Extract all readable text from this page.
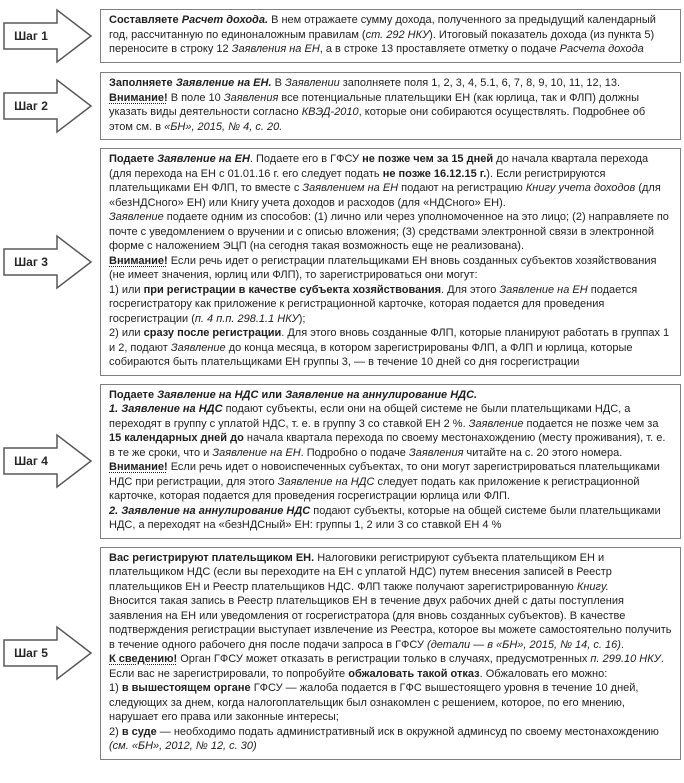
Шаг 1

Составляете Расчет дохода. В нем отражаете сумму дохода, полученного за предыдущий календарный год, рассчитанную по единоналожным правилам (ст. 292 НКУ). Итоговый показатель дохода (из пункта 5) переносите в строку 12 Заявления на ЕН, а в строке 13 проставляете отметку о подаче Расчета дохода

Шаг 2

Заполняете Заявление на ЕН. В Заявлении заполняете поля 1, 2, 3, 4, 5.1, 6, 7, 8, 9, 10, 11, 12, 13.

Внимание! В поле 10 Заявления все потенциальные плательщики ЕН (как юрлица, так и ФЛП) должны указать виды деятельности согласно КВЭД-2010, которые они собираются осуществлять. Подробнее об этом см. в «БН», 2015, № 4, с. 20.

Шаг 3

Подаете Заявление на ЕН. Подаете его в ГФСУ не позже чем за 15 дней до начала квартала перехода (для перехода на ЕН с 01.01.16 г. его следует подать не позже 16.12.15 г.). Если регистрируются плательщиками ЕН ФЛП, то вместе с Заявлением на ЕН подают на регистрацию Книгу учета доходов (для «безНДСного» ЕН) или Книгу учета доходов и расходов (для «НДСного» ЕН).

Заявление подаете одним из способов: (1) лично или через уполномоченное на это лицо; (2) направляете по почте с уведомлением о вручении и с описью вложения; (3) средствами электронной связи в электронной форме с наложением ЭЦП (на сегодня такая возможность еще не реализована).

Внимание! Если речь идет о регистрации плательщиками ЕН вновь созданных субъектов хозяйствования (не имеет значения, юрлиц или ФЛП), то зарегистрироваться они могут:

1) или при регистрации в качестве субъекта хозяйствования. Для этого Заявление на ЕН подается госрегистратору как приложение к регистрационной карточке, которая подается для проведения госрегистрации (п. 4 п.п. 298.1.1 НКУ);

2) или сразу после регистрации. Для этого вновь созданные ФЛП, которые планируют работать в группах 1 и 2, подают Заявление до конца месяца, в котором зарегистрированы ФЛП, а ФЛП и юрлица, которые собираются быть плательщиками ЕН группы 3, — в течение 10 дней со дня госрегистрации

Шаг 4

Подаете Заявление на НДС или Заявление на аннулирование НДС.

1. Заявление на НДС подают субъекты, если они на общей системе не были плательщиками НДС, а переходят в группу с уплатой НДС, т. е. в группу 3 со ставкой ЕН 2 %. Заявление подается не позже чем за 15 календарных дней до начала квартала перехода по своему местонахождению (месту проживания), т. е. в те же сроки, что и Заявление на ЕН. Подробно о подаче Заявления читайте на с. 20 этого номера.

Внимание! Если речь идет о новоиспеченных субъектах, то они могут зарегистрироваться плательщиками НДС при регистрации, для этого Заявление на НДС следует подать как приложение к регистрационной карточке, которая подается для проведения госрегистрации юрлица или ФЛП.

2. Заявление на аннулирование НДС подают субъекты, которые на общей системе были плательщиками НДС, а переходят на «безНДСный» ЕН: группы 1, 2 или 3 со ставкой ЕН 4 %

Шаг 5

Вас регистрируют плательщиком ЕН. Налоговики регистрируют субъекта плательщиком ЕН и плательщиком НДС (если вы переходите на ЕН с уплатой НДС) путем внесения записей в Реестр плательщиков ЕН и Реестр плательщиков НДС. ФЛП также получают зарегистрированную Книгу.

Вносится такая запись в Реестр плательщиков ЕН в течение двух рабочих дней с даты поступления заявления на ЕН или уведомления от госрегистратора (для вновь созданных субъектов). В качестве подтверждения регистрации выступает извлечение из Реестра, которое вы можете самостоятельно получить в течение одного рабочего дня после подачи запроса в ГФСУ (детали — в «БН», 2015, № 14, с. 16).

К сведению! Орган ГФСУ может отказать в регистрации только в случаях, предусмотренных п. 299.10 НКУ. Если вас не зарегистрировали, то попробуйте обжаловать такой отказ. Обжаловать его можно:

1) в вышестоящем органе ГФСУ — жалоба подается в ГФС вышестоящего уровня в течение 10 дней, следующих за днем, когда налогоплательщик был ознакомлен с решением, которое, по его мнению, нарушает его права или законные интересы;

2) в суде — необходимо подать административный иск в окружной админсуд по своему местонахождению (см. «БН», 2012, № 12, с. 30)
